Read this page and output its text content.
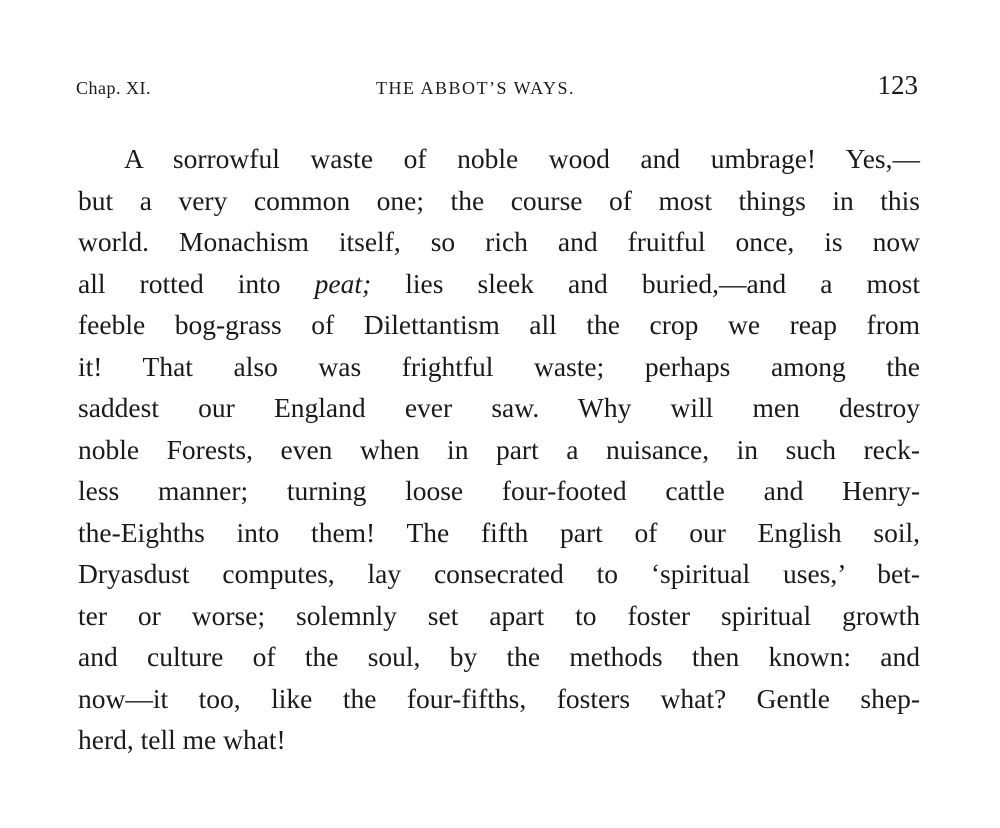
Chap. XI.	THE ABBOT’S WAYS.	123
A sorrowful waste of noble wood and umbrage! Yes,—
but a very common one; the course of most things in this
world. Monachism itself, so rich and fruitful once, is now
all rotted into peat; lies sleek and buried,—and a most
feeble bog-grass of Dilettantism all the crop we reap from
it! That also was frightful waste; perhaps among the
saddest our England ever saw. Why will men destroy
noble Forests, even when in part a nuisance, in such reck-
less manner; turning loose four-footed cattle and Henry-
the-Eighths into them! The fifth part of our English soil,
Dryasdust computes, lay consecrated to ‘spiritual uses,’ bet-
ter or worse; solemnly set apart to foster spiritual growth
and culture of the soul, by the methods then known: and
now—it too, like the four-fifths, fosters what? Gentle shep-
herd, tell me what!
